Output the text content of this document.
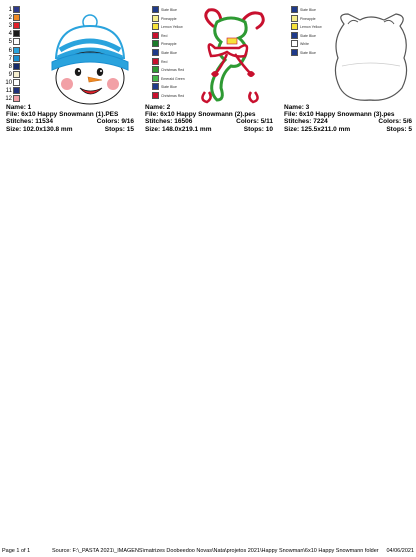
1
2
3
4
5
6
7
8
9
10
11
12
Name: 1
File: 6x10 Happy Snowmann (1).PES
Stitches: 11534	Colors: 9/16
Size: 102.0x130.8 mm	Stops: 15
Slate Blue
Pineapple
Lemon Yellow
Red
Pineapple
Slate Blue
Red
Christmas Red
Emerald Green
Slate Blue
Christmas Red
Name: 2
File: 6x10 Happy Snowmann (2).pes
Stitches: 16506	Colors: 5/11
Size: 148.0x219.1 mm	Stops: 10
Slate Blue
Pineapple
Lemon Yellow
Slate Blue
White
Slate Blue
Name: 3
File: 6x10 Happy Snowmann (3).pes
Stitches: 7224	Colors: 5/6
Size: 125.5x211.0 mm	Stops: 5
Page 1 of 1	Source: F:\_PASTA 2021\_IMAGENS\matrizes Doobeedoo Novas\Nata\projetos 2021\Happy Snowman\6x10 Happy Snowmann folder 04/06/2021
